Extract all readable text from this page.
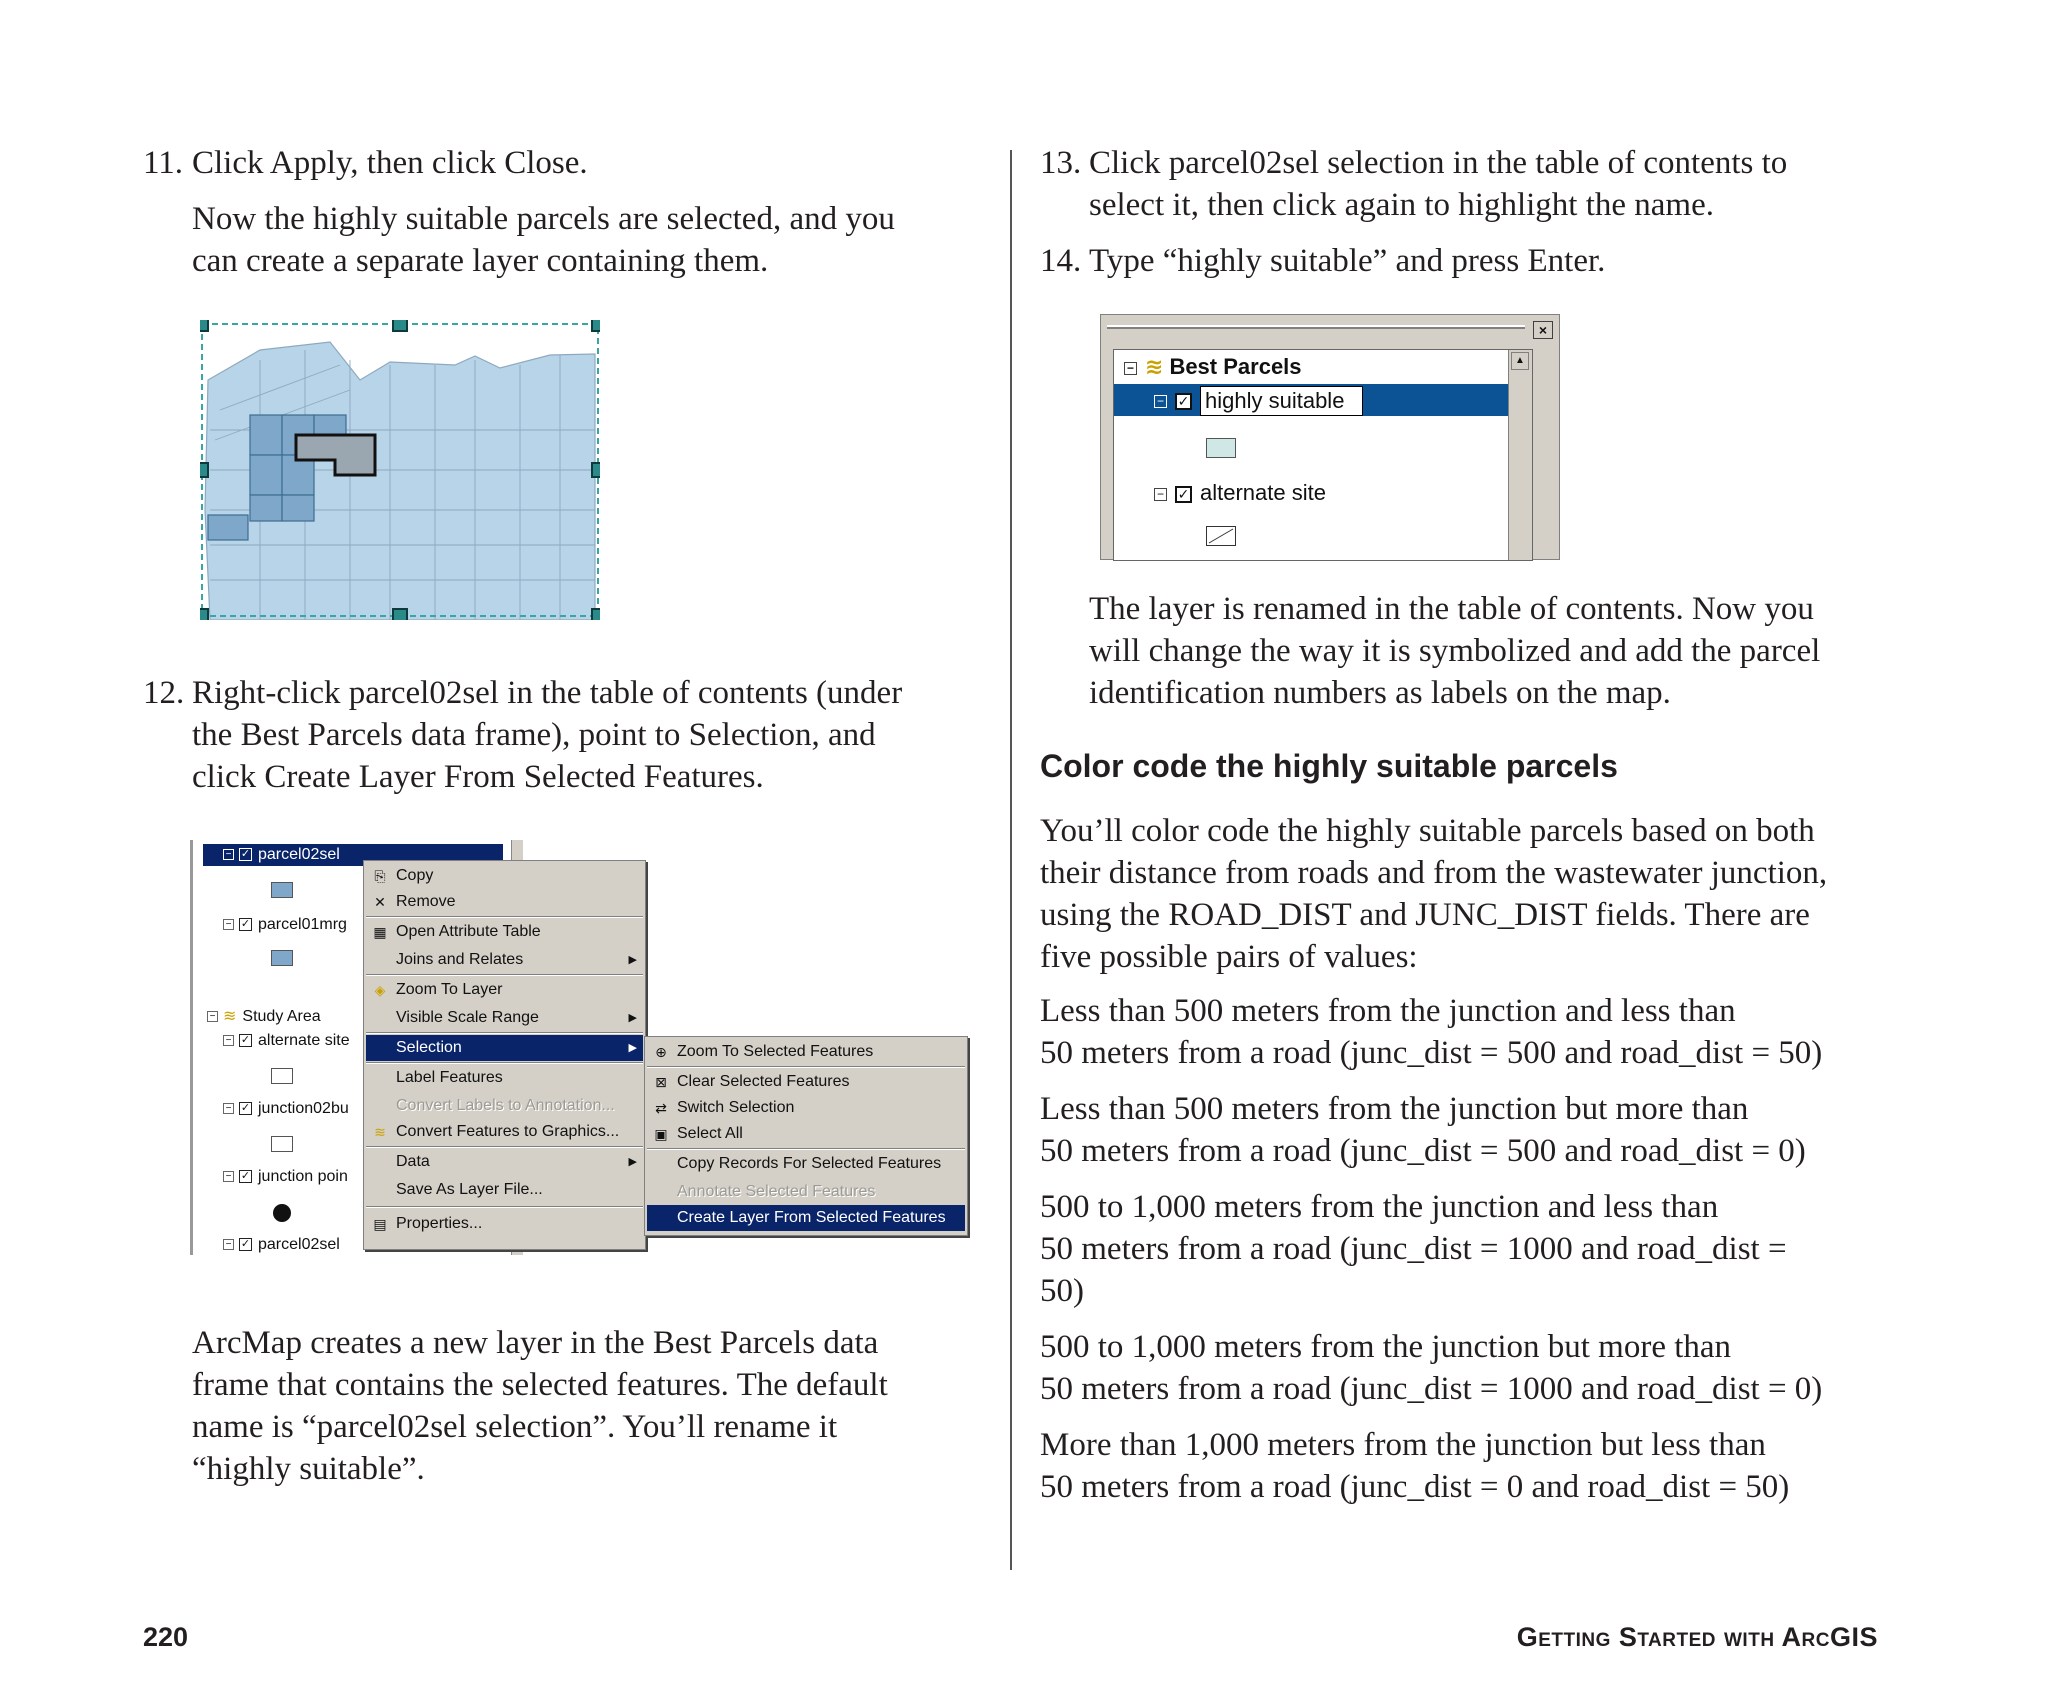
11. Click Apply, then click Close.
Now the highly suitable parcels are selected, and you
can create a separate layer containing them.
12. Right-click parcel02sel in the table of contents (under
the Best Parcels data frame), point to Selection, and
click Create Layer From Selected Features.
− ✓ parcel02sel
− ✓ parcel01mrg
− ≋ Study Area
− ✓ alternate site
− ✓ junction02bu
− ✓ junction poin
− ✓ parcel02sel
⎘ Copy
✕ Remove
▦ Open Attribute Table
Joins and Relates	▶
◈ Zoom To Layer
Visible Scale Range	▶
Selection	▶
Label Features
Convert Labels to Annotation...
≋ Convert Features to Graphics...
Data	▶
Save As Layer File...
▤ Properties...
⊕ Zoom To Selected Features
⊠ Clear Selected Features
⇄ Switch Selection
▣ Select All
Copy Records For Selected Features
Annotate Selected Features
Create Layer From Selected Features
ArcMap creates a new layer in the Best Parcels data
frame that contains the selected features. The default
name is “parcel02sel selection”. You’ll rename it
“highly suitable”.
13. Click parcel02sel selection in the table of contents to
select it, then click again to highlight the name.
14. Type “highly suitable” and press Enter.
×
− ≋ Best Parcels
− ✓ highly suitable
− ✓ alternate site
▲
The layer is renamed in the table of contents. Now you
will change the way it is symbolized and add the parcel
identification numbers as labels on the map.
Color code the highly suitable parcels
You’ll color code the highly suitable parcels based on both
their distance from roads and from the wastewater junction,
using the ROAD_DIST and JUNC_DIST fields. There are
five possible pairs of values:
Less than 500 meters from the junction and less than
50 meters from a road (junc_dist = 500 and road_dist = 50)
Less than 500 meters from the junction but more than
50 meters from a road (junc_dist = 500 and road_dist = 0)
500 to 1,000 meters from the junction and less than
50 meters from a road (junc_dist = 1000 and road_dist =
50)
500 to 1,000 meters from the junction but more than
50 meters from a road (junc_dist = 1000 and road_dist = 0)
More than 1,000 meters from the junction but less than
50 meters from a road (junc_dist = 0 and road_dist = 50)
220	Getting Started with ArcGIS
